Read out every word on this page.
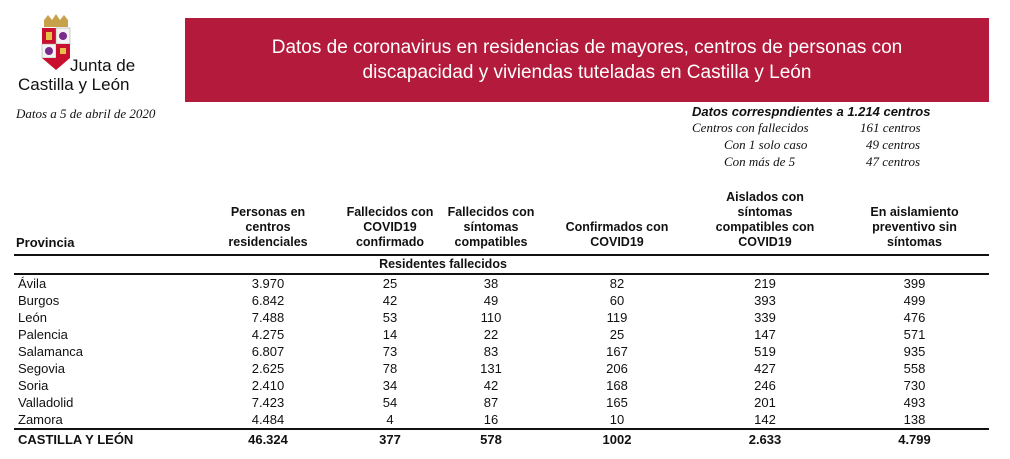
Junta de
Castilla y León
Datos de coronavirus en residencias de mayores, centros de personas con discapacidad y viviendas tuteladas en Castilla y León
Datos a 5 de abril de 2020	Datos correspndientes a 1.214 centros
Centros con fallecidos	161 centros
Con 1 solo caso	49 centros
Con más de 5	47 centros
Provincia	Personas en centros residenciales	Fallecidos con COVID19 confirmado	Fallecidos con síntomas compatibles	Confirmados con COVID19	Aislados con síntomas compatibles con COVID19	En aislamiento preventivo sin síntomas
		Residentes fallecidos				
Ávila	3.970	25	38	82	219	399
Burgos	6.842	42	49	60	393	499
León	7.488	53	110	119	339	476
Palencia	4.275	14	22	25	147	571
Salamanca	6.807	73	83	167	519	935
Segovia	2.625	78	131	206	427	558
Soria	2.410	34	42	168	246	730
Valladolid	7.423	54	87	165	201	493
Zamora	4.484	4	16	10	142	138
CASTILLA Y LEÓN	46.324	377	578	1002	2.633	4.799
